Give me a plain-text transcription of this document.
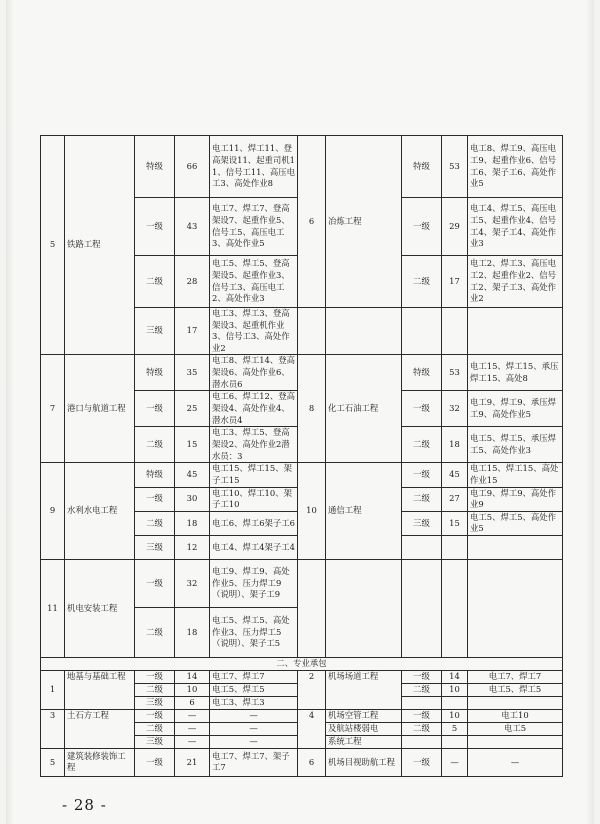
5	铁路工程	特级	66	电工11、焊工11、登高架设11、起重司机11、信号工11、高压电工3、高处作业8	6	冶炼工程	特级	53	电工8、焊工9、高压电工9、起重作业6、信号工6、架子工6、高处作业5
		一级	43	电工7、焊工7、登高架设7、起重作业5、信号工5、高压电工3、高处作业5			一级	29	电工4、焊工5、高压电工5、起重作业4、信号工4、架子工4、高处作业3
		二级	28	电工5、焊工5、登高架设5、起重作业3、信号工3、高压电工2、高处作业3			二级	17	电工2、焊工3、高压电工2、起重作业2、信号工2、架子工3、高处作业2
		三级	17	电工3、焊工3、登高架设3、起重机作业3、信号工3、高处作业2					
7	港口与航道工程	特级	35	电工8、焊工14、登高架设6、高处作业6、潜水员6	8	化工石油工程	特级	53	电工15、焊工15、承压焊工15、高处8
		一级	25	电工6、焊工12、登高架设4、高处作业4、潜水员4			一级	32	电工9、焊工9、承压焊工9、高处作业5
		二级	15	电工3、焊工5、登高架设2、高处作业2潜水员：3			二级	18	电工5、焊工5、承压焊工5、高处作业3
9	水利水电工程	特级	45	电工15、焊工15、架子工15	10	通信工程	一级	45	电工15、焊工15、高处作业15
		一级	30	电工10、焊工10、架子工10			二级	27	电工9、焊工9、高处作业9
		二级	18	电工6、焊工6架子工6			三级	15	电工5、焊工5、高处作业5
		三级	12	电工4、焊工4架子工4					
11	机电安装工程	一级	32	电工9、焊工9、高处作业5、压力焊工9（说明）、架子工9					
		二级	18	电工5、焊工5、高处作业3、压力焊工5（说明）、架子工5					
二、专业承包									
1	地基与基础工程	一级	14	电工7、焊工7	2	机场场道工程	一级	14	电工7、焊工7
		二级	10	电工5、焊工5			二级	10	电工5、焊工5
		三级	6	电工3、焊工3					
3	土石方工程	一级	—	—	4	机场空管工程	一级	10	电工10
		二级	—	—		及航站楼弱电	二级	5	电工5
		三级	—	—		系统工程			
5	建筑装修装饰工程	一级	21	电工7、焊工7、架子工7	6	机场目视助航工程	一级	—	—
- 28 -
